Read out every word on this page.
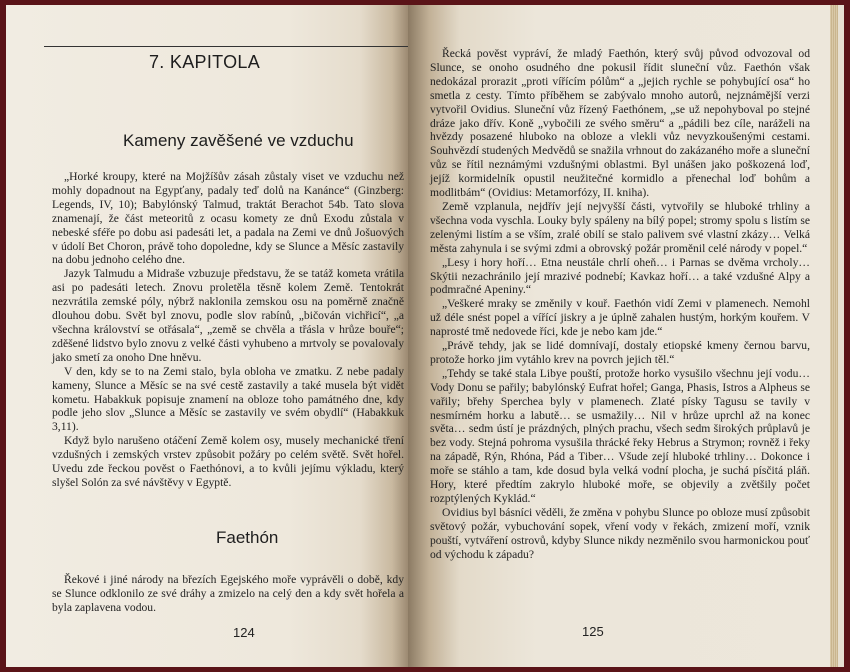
7. KAPITOLA
Kameny zavěšené ve vzduchu

„Horké kroupy, které na Mojžíšův zásah zůstaly viset ve vzduchu než mohly dopadnout na Egypťany, padaly teď dolů na Kanánce“ (Ginzberg: Legends, IV, 10); Babylónský Talmud, traktát Berachot 54b. Tato slova znamenají, že část meteoritů z ocasu komety ze dnů Exodu zůstala v nebeské sféře po dobu asi padesáti let, a padala na Zemi ve dnů Jošuových v údolí Bet Choron, právě toho dopoledne, kdy se Slunce a Měsíc zastavily na dobu jednoho celého dne.

Jazyk Talmudu a Midraše vzbuzuje představu, že se tatáž kometa vrátila asi po padesáti letech. Znovu proletěla těsně kolem Země. Tentokrát nezvrátila zemské póly, nýbrž naklonila zemskou osu na poměrně značně dlouhou dobu. Svět byl znovu, podle slov rabínů, „bičován vichřicí“, „a všechna království se otřásala“, „země se chvěla a třásla v hrůze bouře“; zděšené lidstvo bylo znovu z velké části vyhubeno a mrtvoly se povalovaly jako smetí za onoho Dne hněvu.

V den, kdy se to na Zemi stalo, byla obloha ve zmatku. Z nebe padaly kameny, Slunce a Měsíc se na své cestě zastavily a také musela být vidět kometu. Habakkuk popisuje znamení na obloze toho památného dne, kdy podle jeho slov „Slunce a Měsíc se zastavily ve svém obydlí“ (Habakkuk 3,11).

Když bylo narušeno otáčení Země kolem osy, musely mechanické tření vzdušných i zemských vrstev způsobit požáry po celém světě. Svět hořel. Uvedu zde řeckou pověst o Faethónovi, a to kvůli jejímu výkladu, který slyšel Solón za své návštěvy v Egyptě.

Faethón

Řekové i jiné národy na březích Egejského moře vyprávěli o době, kdy se Slunce odklonilo ze své dráhy a zmizelo na celý den a kdy svět hořela a byla zaplavena vodou.

124

Řecká pověst vypráví, že mladý Faethón, který svůj původ odvozoval od Slunce, se onoho osudného dne pokusil řídit sluneční vůz. Faethón však nedokázal prorazit „proti vířícím pólům“ a „jejich rychle se pohybující osa“ ho smetla z cesty. Tímto příběhem se zabývalo mnoho autorů, nejznámější verzi vytvořil Ovidius. Sluneční vůz řízený Faethónem, „se už nepohyboval po stejné dráze jako dřív. Koně „vybočili ze svého směru“ a „pádili bez cíle, naráželi na hvězdy posazené hluboko na obloze a vlekli vůz nevyzkoušenými cestami. Souhvězdí studených Medvědů se snažila vrhnout do zakázaného moře a sluneční vůz se řítil neznámými vzdušnými oblastmi. Byl unášen jako poškozená loď, jejíž kormidelník opustil neužitečné kormidlo a přenechal loď bohům a modlitbám“ (Ovidius: Metamorfózy, II. kniha).

Země vzplanula, nejdřív její nejvyšší části, vytvořily se hluboké trhliny a všechna voda vyschla. Louky byly spáleny na bílý popel; stromy spolu s listím se zelenými listím a se vším, zralé obilí se stalo palivem své vlastní zkázy… Velká města zahynula i se svými zdmi a obrovský požár proměnil celé národy v popel.“

„Lesy i hory hoří… Etna neustále chrlí oheň… i Parnas se dvěma vrcholy… Skýtii nezachránilo její mrazivé podnebí; Kavkaz hoří… a také vzdušné Alpy a podmračné Apeniny.“

„Veškeré mraky se změnily v kouř. Faethón vidí Zemi v plamenech. Nemohl už déle snést popel a vířící jiskry a je úplně zahalen hustým, horkým kouřem. V naprosté tmě nedovede říci, kde je nebo kam jde.“

„Právě tehdy, jak se lidé domnívají, dostaly etiopské kmeny černou barvu, protože horko jim vytáhlo krev na povrch jejich těl.“

„Tehdy se také stala Libye pouští, protože horko vysušilo všechnu její vodu… Vody Donu se pařily; babylónský Eufrat hořel; Ganga, Phasis, Istros a Alpheus se vařily; břehy Sperchea byly v plamenech. Zlaté písky Tagusu se tavily v nesmírném horku a labutě… se usmažily… Nil v hrůze uprchl až na konec světa… sedm ústí je prázdných, plných prachu, všech sedm širokých průplavů je bez vody. Stejná pohroma vysušila thrácké řeky Hebrus a Strymon; rovněž i řeky na západě, Rýn, Rhóna, Pád a Tiber… Všude zejí hluboké trhliny… Dokonce i moře se stáhlo a tam, kde dosud byla velká vodní plocha, je suchá písčitá pláň. Hory, které předtím zakrylo hluboké moře, se objevily a zvětšily počet rozptýlených Kyklád.“

Ovidius byl básníci věděli, že změna v pohybu Slunce po obloze musí způsobit světový požár, vybuchování sopek, vření vody v řekách, zmizení moří, vznik pouští, vytváření ostrovů, kdyby Slunce nikdy nezměnilo svou harmonickou pouť od východu k západu?

125
